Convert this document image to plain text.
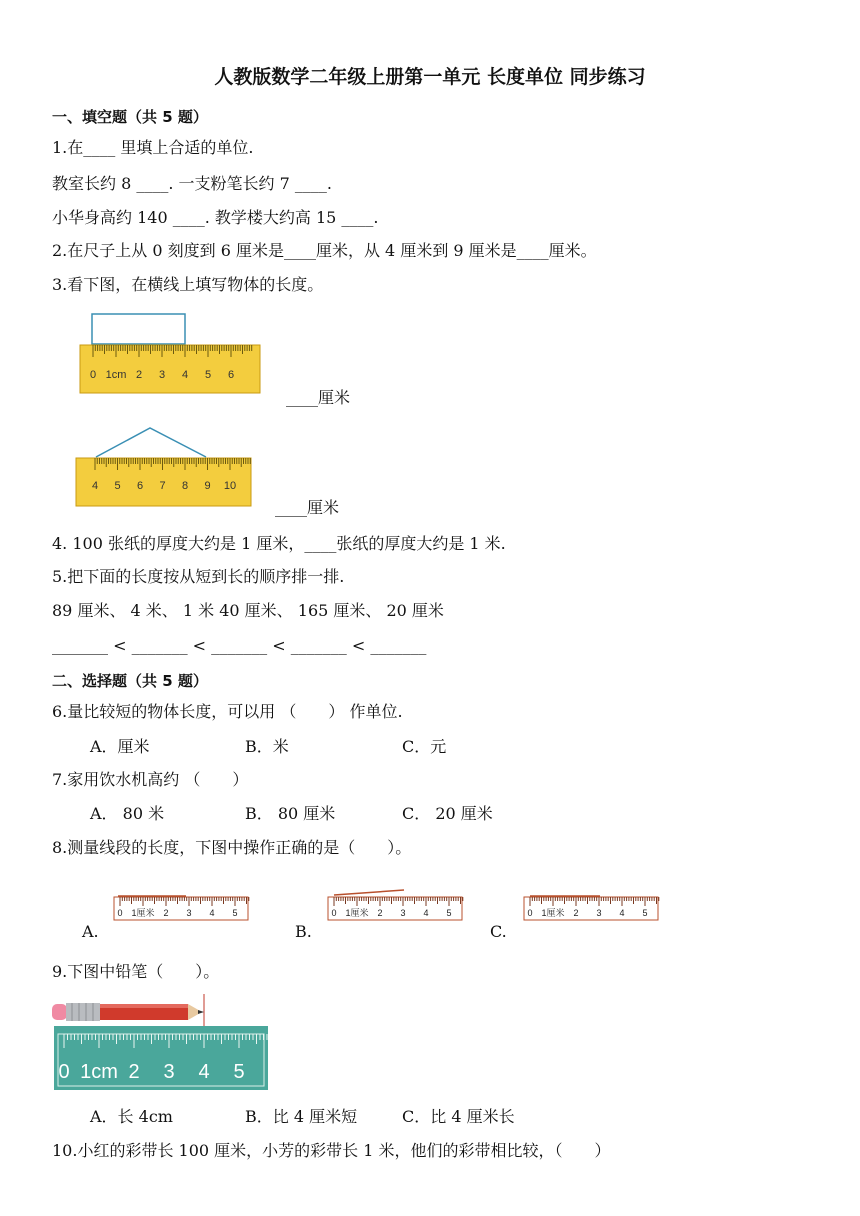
人教版数学二年级上册第一单元 长度单位 同步练习
一、填空题（共 5 题）
1.在____ 里填上合适的单位.
教室长约 8 ____. 一支粉笔长约 7 ____.
小华身高约 140 ____. 教学楼大约高 15 ____.
2.在尺子上从 0 刻度到 6 厘米是____厘米，从 4 厘米到 9 厘米是____厘米。
3.看下图，在横线上填写物体的长度。
0 1cm 2 3 4 5 6
____厘米
4 5 6 7 8 9 10
____厘米
4. 100 张纸的厚度大约是 1 厘米，____张纸的厚度大约是 1 米.
5.把下面的长度按从短到长的顺序排一排.
89 厘米、 4 米、 1 米 40 厘米、 165 厘米、 20 厘米
_______ < _______ < _______ < _______ < _______
二、选择题（共 5 题）
6.量比较短的物体长度，可以用 （　　） 作单位.
A．厘米	B．米	C．元
7.家用饮水机高约 （　　）
A． 80 米	B． 80 厘米	C． 20 厘米
8.测量线段的长度，下图中操作正确的是（　　）。
0 1厘米 2 3 4 5	0 1厘米 2 3 4 5	0 1厘米 2 3 4 5
A.	B.	C.
9.下图中铅笔（　　）。
0 1cm 2 3 4 5
A．长 4cm	B．比 4 厘米短	C．比 4 厘米长
10.小红的彩带长 100 厘米，小芳的彩带长 1 米，他们的彩带相比较，（　　）
